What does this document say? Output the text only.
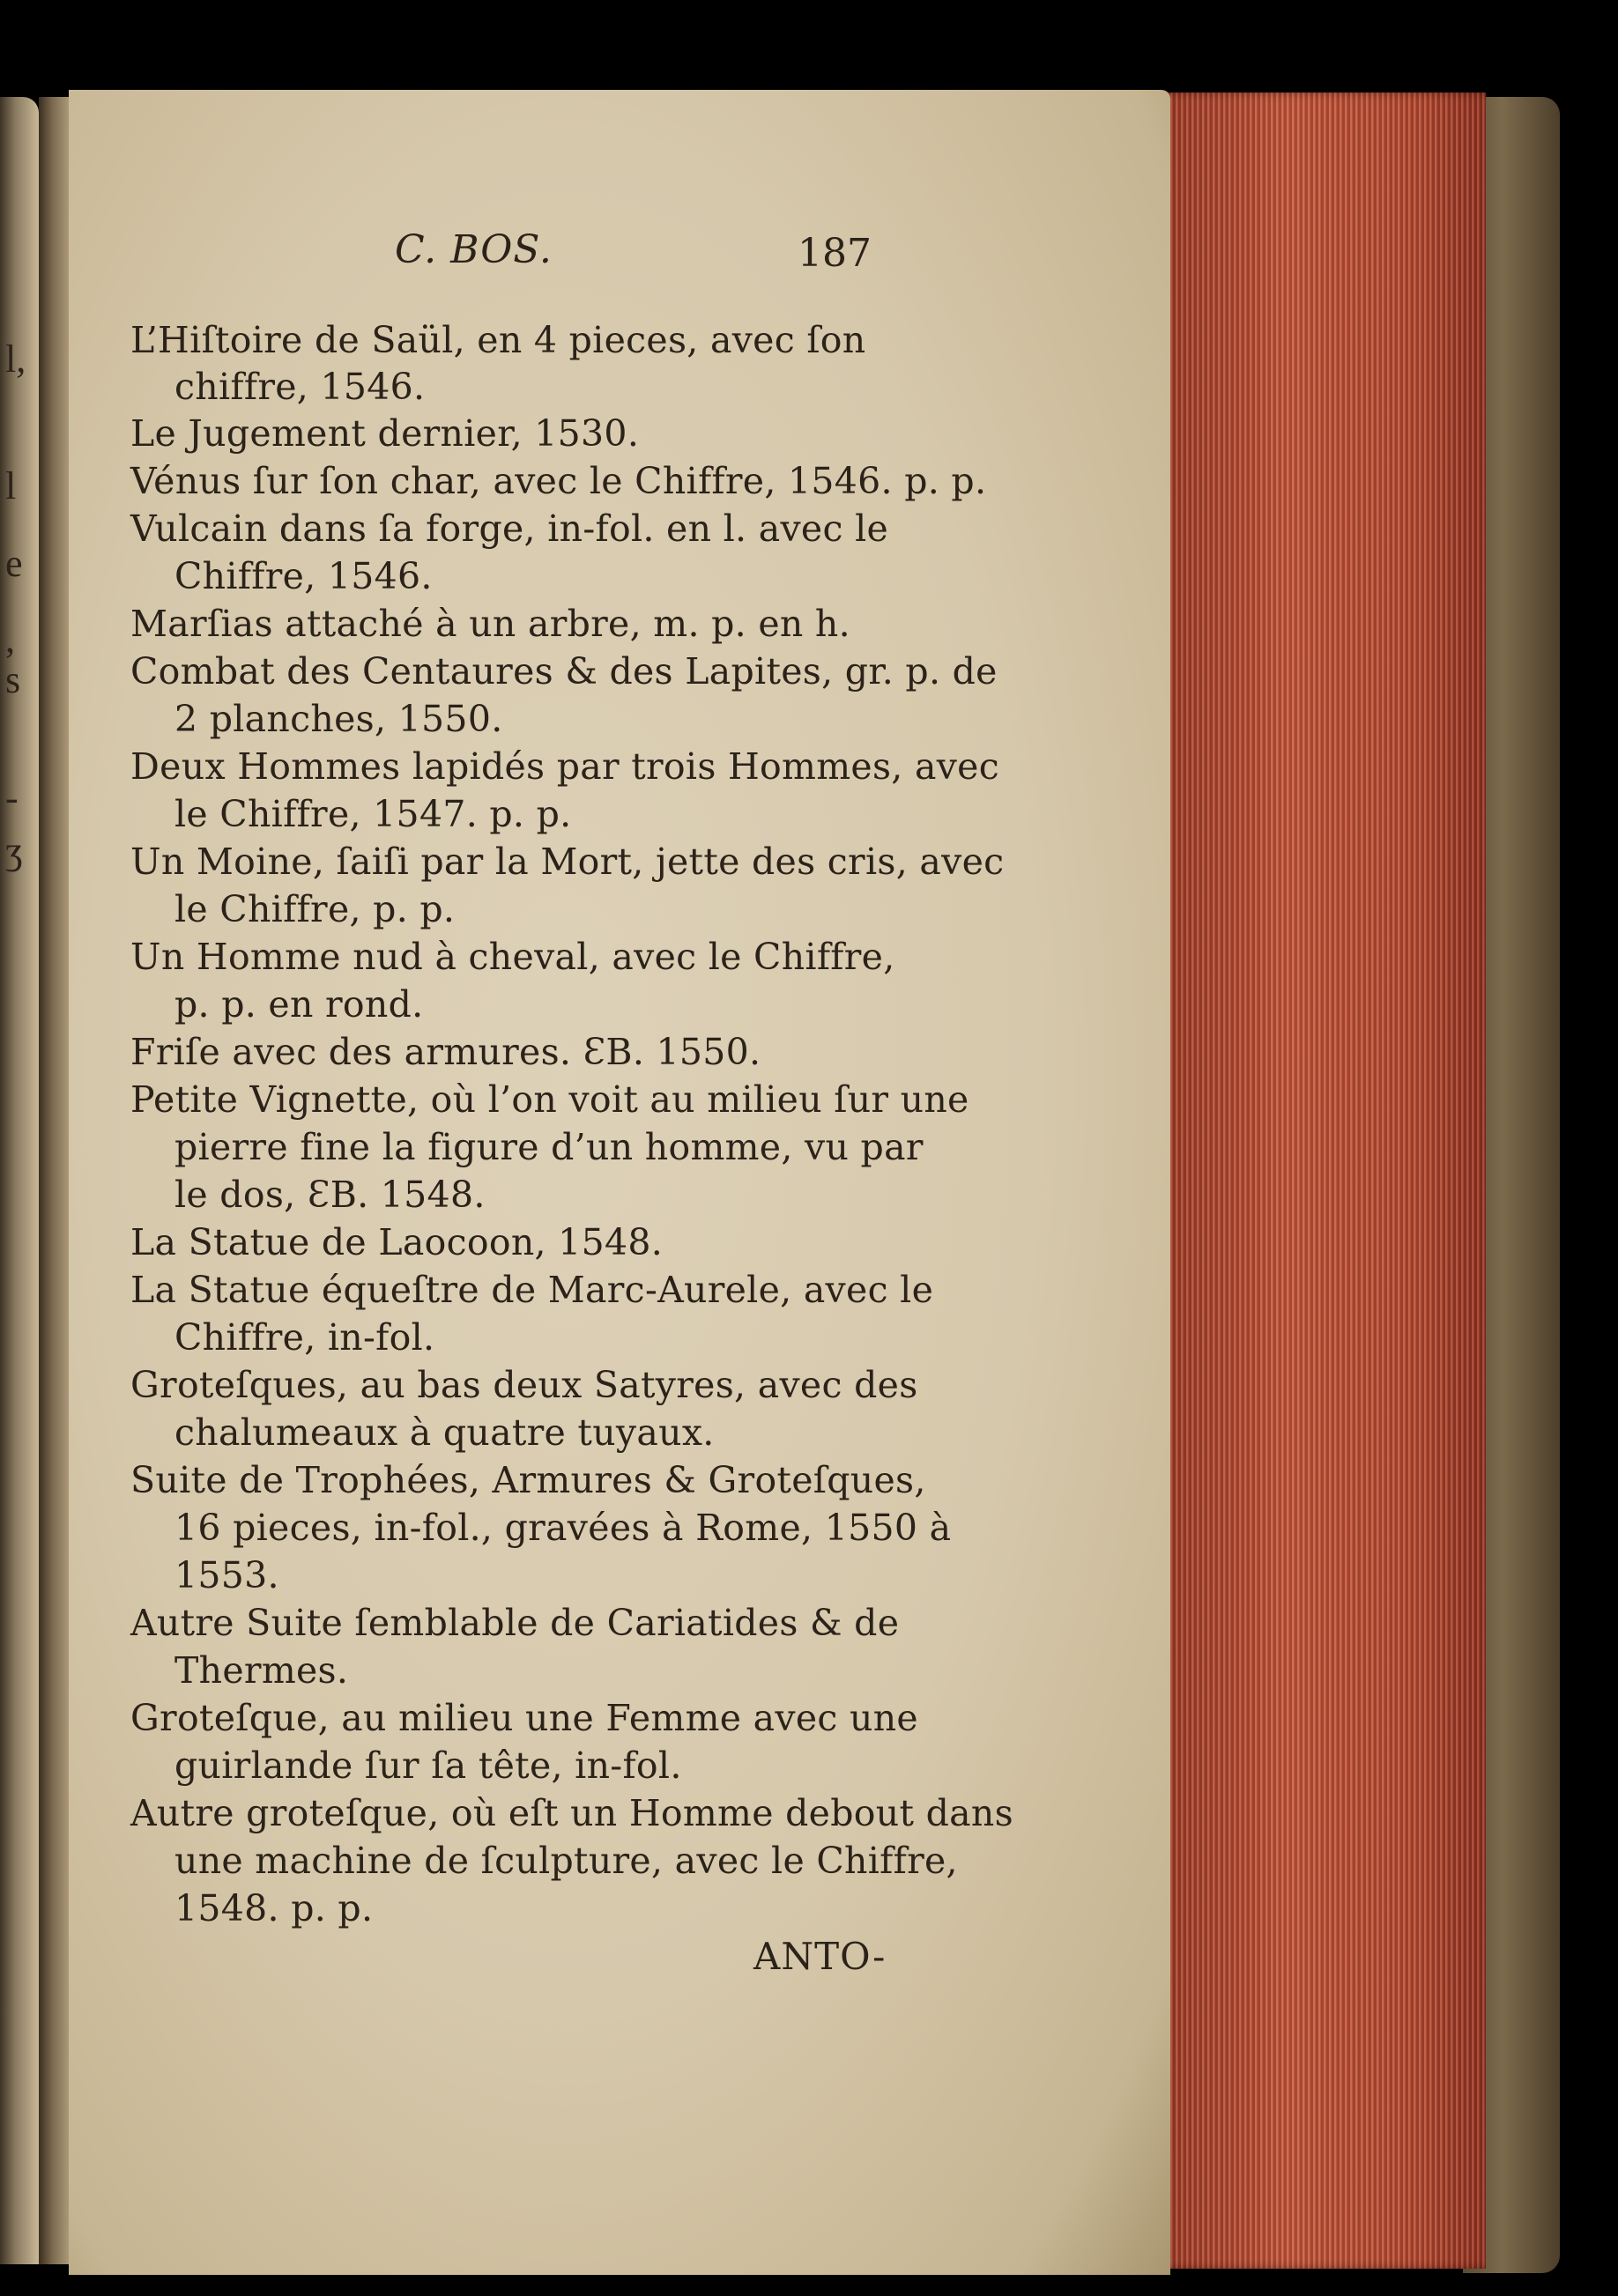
l,
l
e
,
s
-
ʒ
C. BOS.	187
L’Hiſtoire de Saül, en 4 pieces, avec ſon
chiffre, 1546.
Le Jugement dernier, 1530.
Vénus ſur ſon char, avec le Chiffre, 1546. p. p.
Vulcain dans ſa forge, in-fol. en l. avec le
Chiffre, 1546.
Marſias attaché à un arbre, m. p. en h.
Combat des Centaures & des Lapites, gr. p. de
2 planches, 1550.
Deux Hommes lapidés par trois Hommes, avec
le Chiffre, 1547. p. p.
Un Moine, ſaiſi par la Mort, jette des cris, avec
le Chiffre, p. p.
Un Homme nud à cheval, avec le Chiffre,
p. p. en rond.
Friſe avec des armures. ƐB. 1550.
Petite Vignette, où l’on voit au milieu ſur une
pierre fine la figure d’un homme, vu par
le dos, ƐB. 1548.
La Statue de Laocoon, 1548.
La Statue équeſtre de Marc-Aurele, avec le
Chiffre, in-fol.
Groteſques, au bas deux Satyres, avec des
chalumeaux à quatre tuyaux.
Suite de Trophées, Armures & Groteſques,
16 pieces, in-fol., gravées à Rome, 1550 à
1553.
Autre Suite ſemblable de Cariatides & de
Thermes.
Groteſque, au milieu une Femme avec une
guirlande ſur ſa tête, in-fol.
Autre groteſque, où eſt un Homme debout dans
une machine de ſculpture, avec le Chiffre,
1548. p. p.
ANTO-
